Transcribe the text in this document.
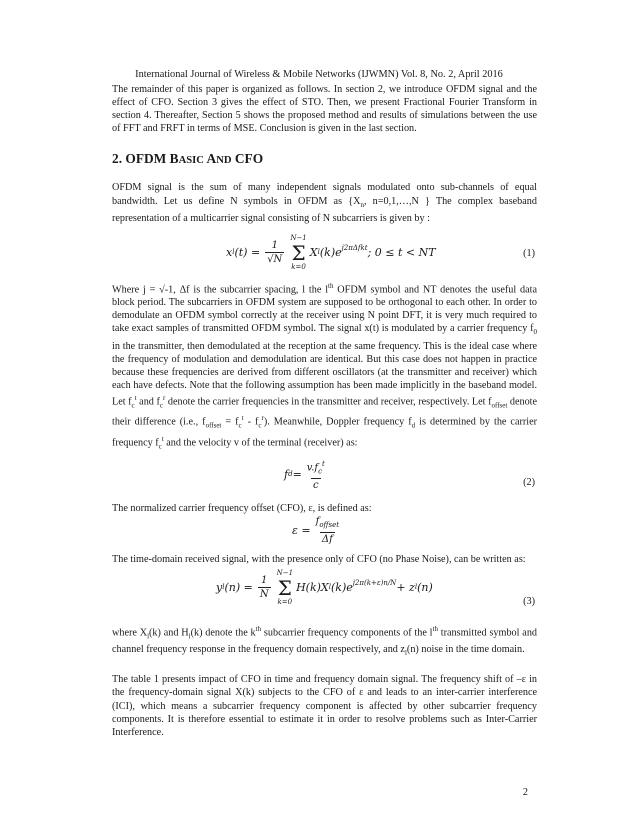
International Journal of Wireless & Mobile Networks (IJWMN) Vol. 8, No. 2, April 2016

The remainder of this paper is organized as follows. In section 2, we introduce OFDM signal and the effect of CFO. Section 3 gives the effect of STO. Then, we present Fractional Fourier Transform in section 4. Thereafter, Section 5 shows the proposed method and results of simulations between the use of FFT and FRFT in terms of MSE. Conclusion is given in the last section.

2. OFDM BASIC AND CFO

OFDM signal is the sum of many independent signals modulated onto sub-channels of equal bandwidth. Let us define N symbols in OFDM as {$X_n$, n=0,1,…,N } The complex baseband representation of a multicarrier signal consisting of N subcarriers is given by :

x l $(t) = \frac{1}{√N}$
N−1
Σ
k=0
X l $(k)e^{j2\pi\Delta fkt}$ ; 0 ≤ t < NT	(1)

Where j = √-1, Δf is the subcarrier spacing, l the $l^{th}$ OFDM symbol and NT denotes the useful data block period. The subcarriers in OFDM system are supposed to be orthogonal to each other. In order to demodulate an OFDM symbol correctly at the receiver using N point DFT, it is very much required to take exact samples of transmitted OFDM symbol. The signal x(t) is modulated by a carrier frequency $f_0$ in the transmitter, then demodulated at the reception at the same frequency. This is the ideal case where the frequency of modulation and demodulation are identical. But this case does not happen in practice because these frequencies are derived from different oscillators (at the transmitter and receiver) which each have defects. Note that the following assumption has been made implicitly in the baseband model. Let $f_c^t$ and $f_c^r$ denote the carrier frequencies in the transmitter and receiver, respectively. Let $f_{offset}$ denote their difference (i.e., $f_{offset} = f_c^t - f_c^r$). Meanwhile, Doppler frequency $f_d$ is determined by the carrier frequency $f_c^t$ and the velocity v of the terminal (receiver) as:

f $d = \frac{v.f_c^t}{c}$	(2)

The normalized carrier frequency offset (CFO), ε, is defined as:

$\varepsilon = \frac{f_{offset}}{\Delta f}$

The time-domain received signal, with the presence only of CFO (no Phase Noise), can be written as:

y l $(n) = \frac{1}{N}$
N−1
Σ
k=0
H(k)X l $(k)e^{j2\pi(k+\varepsilon)n/N} + z$ l (n)
(3)

where $X_l(k)$ and $H_l(k)$ denote the $k^{th}$ subcarrier frequency components of the $l^{th}$ transmitted symbol and channel frequency response in the frequency domain respectively, and $z_l(n)$ noise in the time domain.

The table 1 presents impact of CFO in time and frequency domain signal. The frequency shift of –ε in the frequency-domain signal X(k) subjects to the CFO of ε and leads to an inter-carrier interference (ICI), which means a subcarrier frequency component is affected by other subcarrier frequency components. It is therefore essential to estimate it in order to resolve problems such as Inter-Carrier Interference.

2
